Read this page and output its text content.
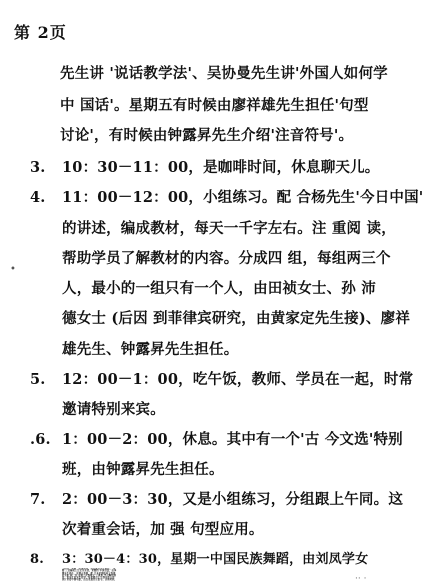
第 2页
先生讲 '说话教学法'、吴协曼先生讲'外国人如何学
中 国话'。星期五有时候由廖祥雄先生担任'句型
讨论'，有时候由钟露昇先生介绍'注音符号'。
3. 10：30－11：00，是咖啡时间，休息聊天儿。
4. 11：00－12：00，小组练习。配 合杨先生'今日中国'
的讲述，编成教材，每天一千字左右。注 重阅 读，
帮助学员了解教材的内容。分成四 组，每组两三个
人，最小的一组只有一个人，由田祯女士、孙 沛
德女士 (后因 到菲律宾研究，由黄家定先生接)、廖祥
雄先生、钟露昇先生担任。
5. 12：00－1：00，吃午饭，教师、学员在一起，时常
邀请特别来宾。
.6. 1：00－2：00，休息。其中有一个'古 今文选'特别
班，由钟露昇先生担任。
7. 2：00－3：30，又是小组练习，分组跟上午同。这
次着重会话，加 强 句型应用。
8. 3：30－4：30，星期一中国民族舞蹈，由刘凤学女
士担任。星期二中国音乐，由史惟亮先生担任。 星
期 三自修或上台北买东西。星期四 中国书法，由李
鎏先生担任。星期五参观，配 合本星期的单元参观
有关机 构，也 安排三次到师大 工教系 学习陶瓷制
作，由吴让农先生指导。每星期六上午到中影公司
试片室看中国电影，由白景瑞先生指导。其他时间，
•
·· ·
